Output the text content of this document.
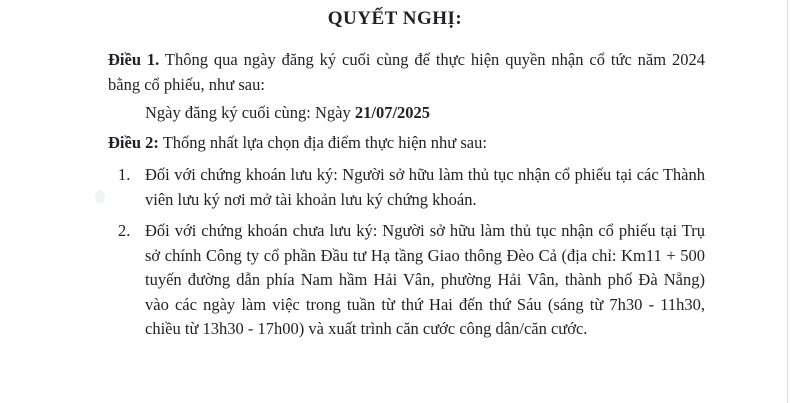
QUYẾT NGHỊ:

Điều 1. Thông qua ngày đăng ký cuối cùng để thực hiện quyền nhận cổ tức năm 2024 bằng cổ phiếu, như sau:

Ngày đăng ký cuối cùng: Ngày 21/07/2025

Điều 2: Thống nhất lựa chọn địa điểm thực hiện như sau:

1. Đối với chứng khoán lưu ký: Người sở hữu làm thủ tục nhận cổ phiếu tại các Thành viên lưu ký nơi mở tài khoản lưu ký chứng khoán.
2. Đối với chứng khoán chưa lưu ký: Người sở hữu làm thủ tục nhận cổ phiếu tại Trụ sở chính Công ty cổ phần Đầu tư Hạ tầng Giao thông Đèo Cả (địa chỉ: Km11 + 500 tuyến đường dẫn phía Nam hầm Hải Vân, phường Hải Vân, thành phố Đà Nẵng) vào các ngày làm việc trong tuần từ thứ Hai đến thứ Sáu (sáng từ 7h30 - 11h30, chiều từ 13h30 - 17h00) và xuất trình căn cước công dân/căn cước.
